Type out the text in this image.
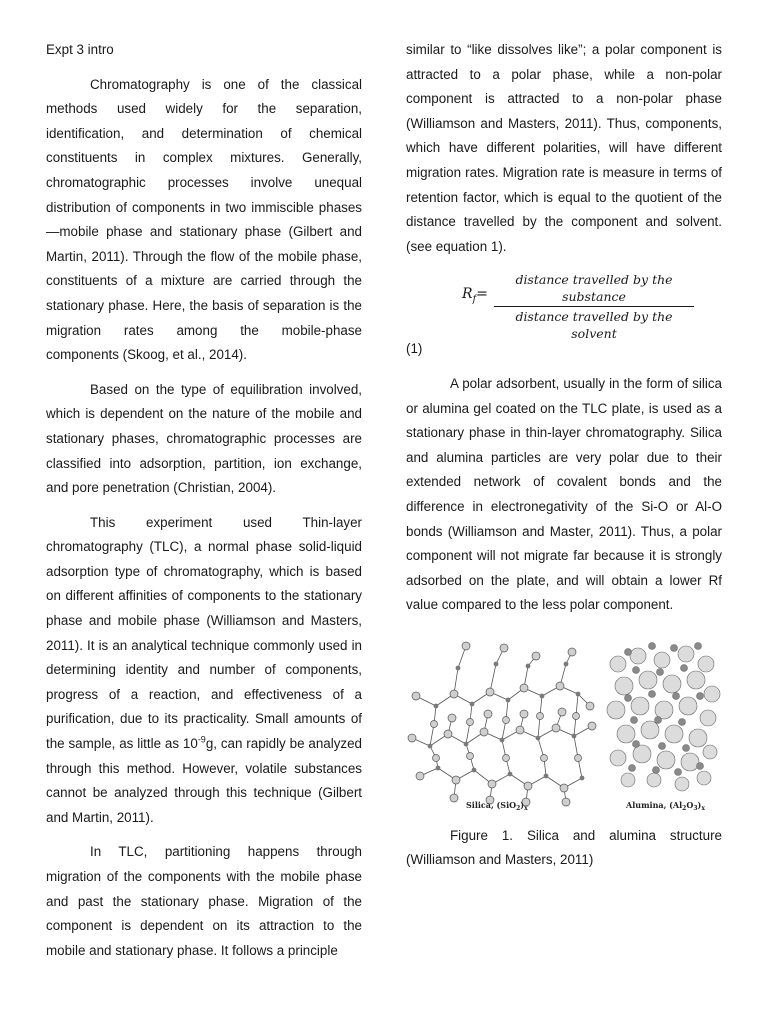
Expt 3 intro

Chromatography is one of the classical methods used widely for the separation, identification, and determination of chemical constituents in complex mixtures. Generally, chromatographic processes involve unequal distribution of components in two immiscible phases—mobile phase and stationary phase (Gilbert and Martin, 2011). Through the flow of the mobile phase, constituents of a mixture are carried through the stationary phase. Here, the basis of separation is the migration rates among the mobile-phase components (Skoog, et al., 2014).

Based on the type of equilibration involved, which is dependent on the nature of the mobile and stationary phases, chromatographic processes are classified into adsorption, partition, ion exchange, and pore penetration (Christian, 2004).

This experiment used Thin-layer chromatography (TLC), a normal phase solid-liquid adsorption type of chromatography, which is based on different affinities of components to the stationary phase and mobile phase (Williamson and Masters, 2011). It is an analytical technique commonly used in determining identity and number of components, progress of a reaction, and effectiveness of a purification, due to its practicality. Small amounts of the sample, as little as $10^{-9}g$, can rapidly be analyzed through this method. However, volatile substances cannot be analyzed through this technique (Gilbert and Martin, 2011).

In TLC, partitioning happens through migration of the components with the mobile phase and past the stationary phase. Migration of the component is dependent on its attraction to the mobile and stationary phase. It follows a principle

similar to “like dissolves like”; a polar component is attracted to a polar phase, while a non-polar component is attracted to a non-polar phase (Williamson and Masters, 2011). Thus, components, which have different polarities, will have different migration rates. Migration rate is measure in terms of retention factor, which is equal to the quotient of the distance travelled by the component and solvent. (see equation 1).

$R_f=$
distance travelled by the substance
distance travelled by the solvent

(1)

A polar adsorbent, usually in the form of silica or alumina gel coated on the TLC plate, is used as a stationary phase in thin-layer chromatography. Silica and alumina particles are very polar due to their extended network of covalent bonds and the difference in electronegativity of the Si-O or Al-O bonds (Williamson and Master, 2011). Thus, a polar component will not migrate far because it is strongly adsorbed on the plate, and will obtain a lower Rf value compared to the less polar component.

Silica, $(SiO_2)_x$	Alumina, $(Al_2O_3)_x$

Figure 1. Silica and alumina structure (Williamson and Masters, 2011)
